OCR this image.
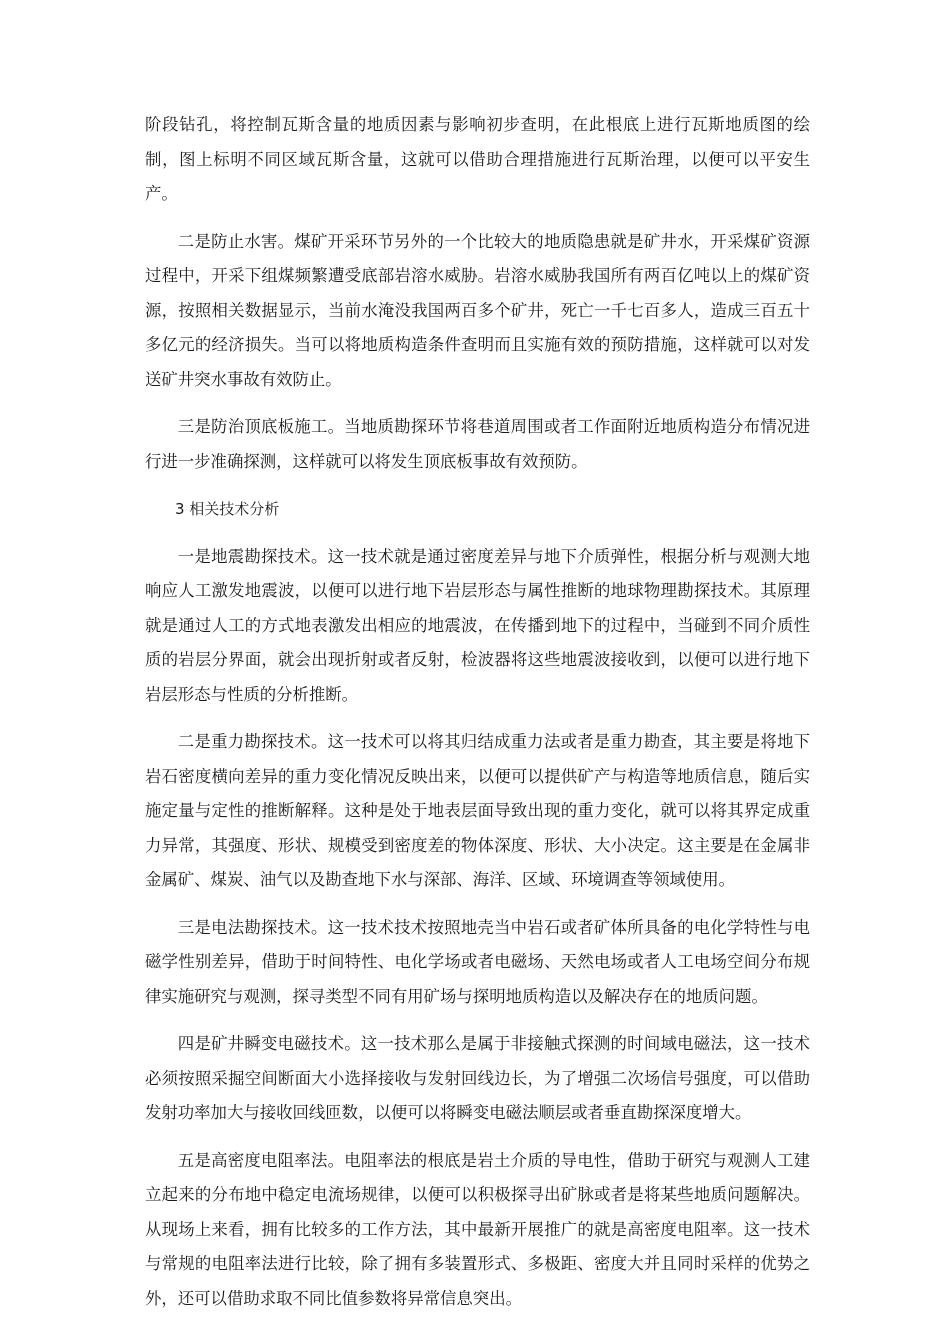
阶段钻孔，将控制瓦斯含量的地质因素与影响初步查明，在此根底上进行瓦斯地质图的绘制，图上标明不同区域瓦斯含量，这就可以借助合理措施进行瓦斯治理，以便可以平安生产。

二是防止水害。煤矿开采环节另外的一个比较大的地质隐患就是矿井水，开采煤矿资源过程中，开采下组煤频繁遭受底部岩溶水威胁。岩溶水威胁我国所有两百亿吨以上的煤矿资源，按照相关数据显示，当前水淹没我国两百多个矿井，死亡一千七百多人，造成三百五十多亿元的经济损失。当可以将地质构造条件查明而且实施有效的预防措施，这样就可以对发送矿井突水事故有效防止。

三是防治顶底板施工。当地质勘探环节将巷道周围或者工作面附近地质构造分布情况进行进一步准确探测，这样就可以将发生顶底板事故有效预防。

3 相关技术分析

一是地震勘探技术。这一技术就是通过密度差异与地下介质弹性，根据分析与观测大地响应人工激发地震波，以便可以进行地下岩层形态与属性推断的地球物理勘探技术。其原理就是通过人工的方式地表激发出相应的地震波，在传播到地下的过程中，当碰到不同介质性质的岩层分界面，就会出现折射或者反射，检波器将这些地震波接收到，以便可以进行地下岩层形态与性质的分析推断。

二是重力勘探技术。这一技术可以将其归结成重力法或者是重力勘查，其主要是将地下岩石密度横向差异的重力变化情况反映出来，以便可以提供矿产与构造等地质信息，随后实施定量与定性的推断解释。这种是处于地表层面导致出现的重力变化，就可以将其界定成重力异常，其强度、形状、规模受到密度差的物体深度、形状、大小决定。这主要是在金属非金属矿、煤炭、油气以及勘查地下水与深部、海洋、区域、环境调查等领域使用。

三是电法勘探技术。这一技术技术按照地壳当中岩石或者矿体所具备的电化学特性与电磁学性别差异，借助于时间特性、电化学场或者电磁场、天然电场或者人工电场空间分布规律实施研究与观测，探寻类型不同有用矿场与探明地质构造以及解决存在的地质问题。

四是矿井瞬变电磁技术。这一技术那么是属于非接触式探测的时间域电磁法，这一技术必须按照采掘空间断面大小选择接收与发射回线边长，为了增强二次场信号强度，可以借助发射功率加大与接收回线匝数，以便可以将瞬变电磁法顺层或者垂直勘探深度增大。

五是高密度电阻率法。电阻率法的根底是岩土介质的导电性，借助于研究与观测人工建立起来的分布地中稳定电流场规律，以便可以积极探寻出矿脉或者是将某些地质问题解决。从现场上来看，拥有比较多的工作方法，其中最新开展推广的就是高密度电阻率。这一技术与常规的电阻率法进行比较，除了拥有多装置形式、多极距、密度大并且同时采样的优势之外，还可以借助求取不同比值参数将异常信息突出。
